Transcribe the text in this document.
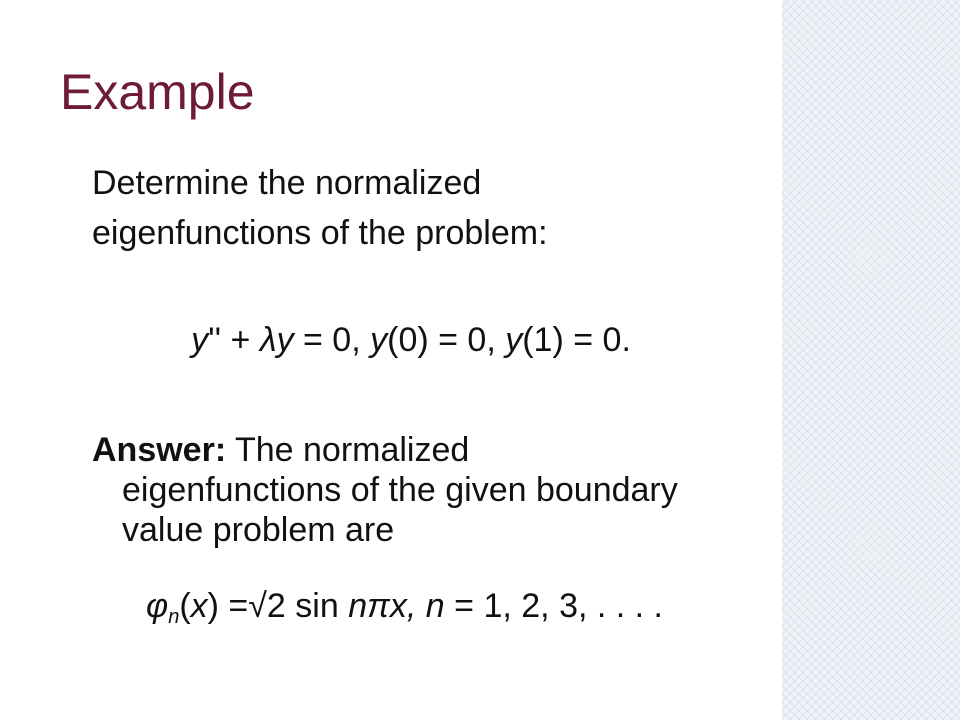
Example
Determine the normalized
eigenfunctions of the problem:
y'' + λy = 0, y(0) = 0, y(1) = 0.
Answer: The normalized
eigenfunctions of the given boundary
value problem are
$\varphi_n(x) =√2$ sin nπx, n = 1, 2, 3, . . . .
